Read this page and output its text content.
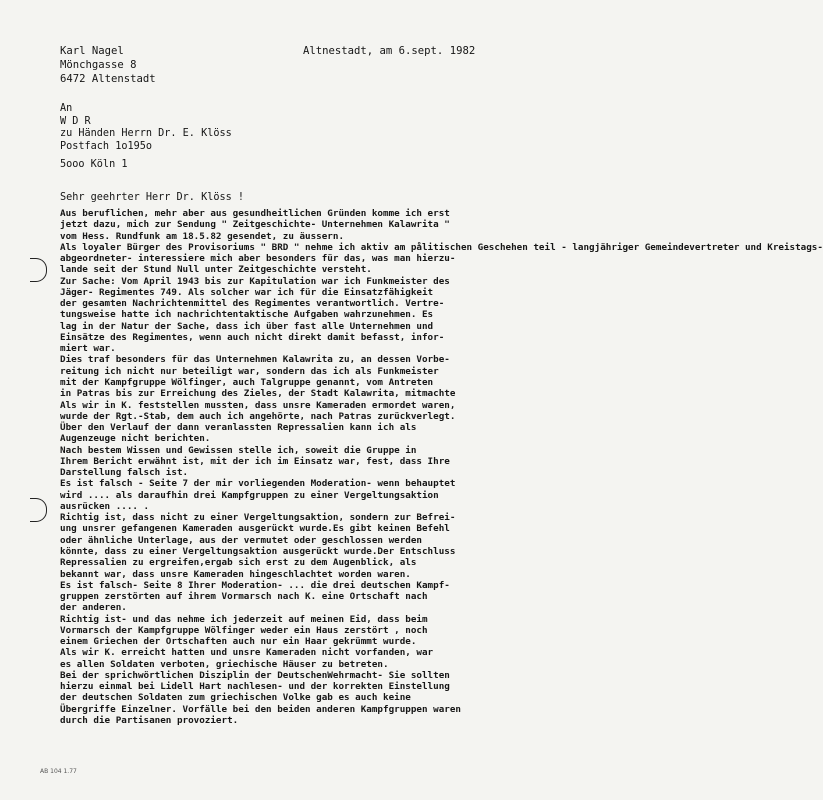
Karl Nagel
Mönchgasse 8
6472 Altenstadt
Altnestadt, am 6.sept. 1982
An
W D R
zu Händen Herrn Dr. E. Klöss
Postfach 1o195o
5ooo Köln 1
Sehr geehrter Herr Dr. Klöss !
Aus beruflichen, mehr aber aus gesundheitlichen Gründen komme ich erst
jetzt dazu, mich zur Sendung " Zeitgeschichte- Unternehmen Kalawrita "
vom Hess. Rundfunk am 18.5.82 gesendet, zu äussern.
Als loyaler Bürger des Provisoriums " BRD " nehme ich aktiv am pålitischen Geschehen teil - langjähriger Gemeindevertreter und Kreistags-
abgeordneter- interessiere mich aber besonders für das, was man hierzu-
lande seit der Stund Null unter Zeitgeschichte versteht.
Zur Sache: Vom April 1943 bis zur Kapitulation war ich Funkmeister des
Jäger- Regimentes 749. Als solcher war ich für die Einsatzfähigkeit
der gesamten Nachrichtenmittel des Regimentes verantwortlich. Vertre-
tungsweise hatte ich nachrichtentaktische Aufgaben wahrzunehmen. Es
lag in der Natur der Sache, dass ich über fast alle Unternehmen und
Einsätze des Regimentes, wenn auch nicht direkt damit befasst, infor-
miert war.
Dies traf besonders für das Unternehmen Kalawrita zu, an dessen Vorbe-
reitung ich nicht nur beteiligt war, sondern das ich als Funkmeister
mit der Kampfgruppe Wölfinger, auch Talgruppe genannt, vom Antreten
in Patras bis zur Erreichung des Zieles, der Stadt Kalawrita, mitmachte
Als wir in K. feststellen mussten, dass unsre Kameraden ermordet waren,
wurde der Rgt.-Stab, dem auch ich angehörte, nach Patras zurückverlegt.
Über den Verlauf der dann veranlassten Repressalien kann ich als
Augenzeuge nicht berichten.
Nach bestem Wissen und Gewissen stelle ich, soweit die Gruppe in
Ihrem Bericht erwähnt ist, mit der ich im Einsatz war, fest, dass Ihre
Darstellung falsch ist.
Es ist falsch - Seite 7 der mir vorliegenden Moderation- wenn behauptet
wird .... als daraufhin drei Kampfgruppen zu einer Vergeltungsaktion
ausrücken .... .
Richtig ist, dass nicht zu einer Vergeltungsaktion, sondern zur Befrei-
ung unsrer gefangenen Kameraden ausgerückt wurde.Es gibt keinen Befehl
oder ähnliche Unterlage, aus der vermutet oder geschlossen werden
könnte, dass zu einer Vergeltungsaktion ausgerückt wurde.Der Entschluss
Repressalien zu ergreifen,ergab sich erst zu dem Augenblick, als
bekannt war, dass unsre Kameraden hingeschlachtet worden waren.
Es ist falsch- Seite 8 Ihrer Moderation- ... die drei deutschen Kampf-
gruppen zerstörten auf ihrem Vormarsch nach K. eine Ortschaft nach
der anderen.
Richtig ist- und das nehme ich jederzeit auf meinen Eid, dass beim
Vormarsch der Kampfgruppe Wölfinger weder ein Haus zerstört , noch
einem Griechen der Ortschaften auch nur ein Haar gekrümmt wurde.
Als wir K. erreicht hatten und unsre Kameraden nicht vorfanden, war
es allen Soldaten verboten, griechische Häuser zu betreten.
Bei der sprichwörtlichen Disziplin der DeutschenWehrmacht- Sie sollten
hierzu einmal bei Lidell Hart nachlesen- und der korrekten Einstellung
der deutschen Soldaten zum griechischen Volke gab es auch keine
Übergriffe Einzelner. Vorfälle bei den beiden anderen Kampfgruppen waren
durch die Partisanen provoziert.
AB 104 1.77
